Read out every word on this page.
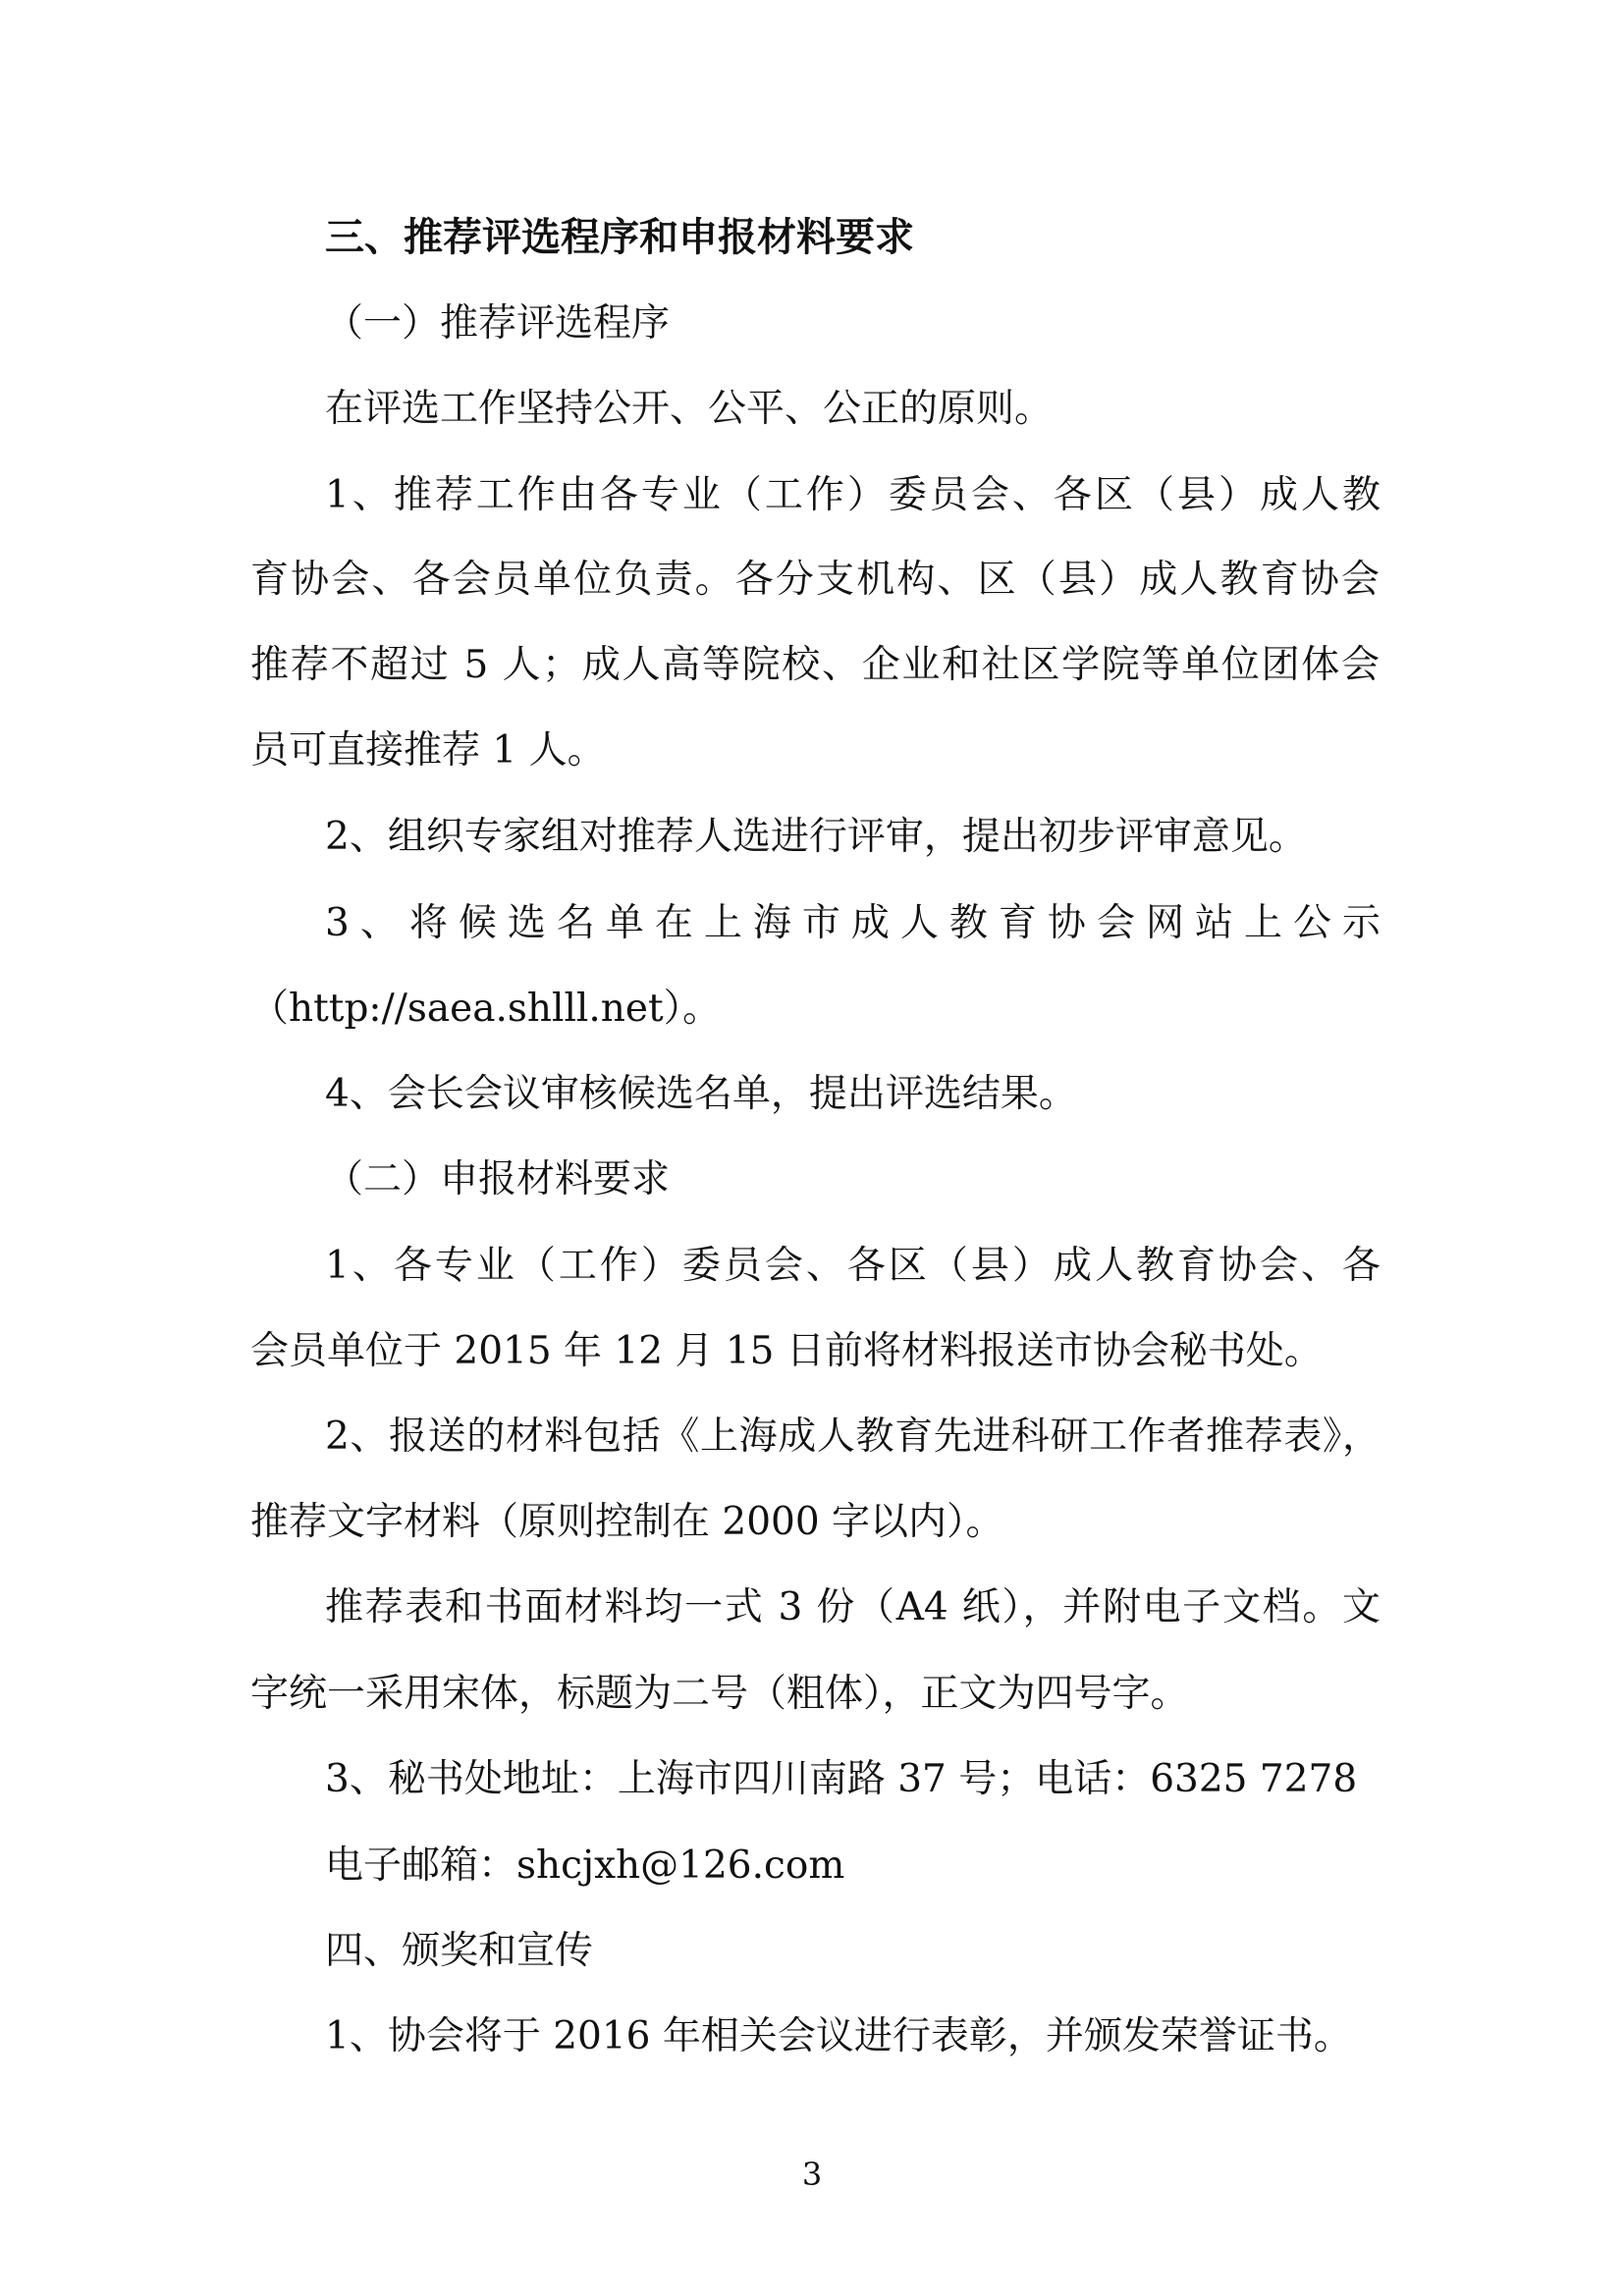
三、推荐评选程序和申报材料要求
（一）推荐评选程序
在评选工作坚持公开、公平、公正的原则。
1、推荐工作由各专业（工作）委员会、各区（县）成人教
育协会、各会员单位负责。各分支机构、区（县）成人教育协会
推荐不超过 5 人；成人高等院校、企业和社区学院等单位团体会
员可直接推荐 1 人。
2、组织专家组对推荐人选进行评审，提出初步评审意见。
3、将候选名单在上海市成人教育协会网站上公示
（http://saea.shlll.net）。
4、会长会议审核候选名单，提出评选结果。
（二）申报材料要求
1、各专业（工作）委员会、各区（县）成人教育协会、各
会员单位于 2015 年 12 月 15 日前将材料报送市协会秘书处。
2、报送的材料包括《上海成人教育先进科研工作者推荐表》，
推荐文字材料（原则控制在 2000 字以内）。
推荐表和书面材料均一式 3 份（A4 纸），并附电子文档。文
字统一采用宋体，标题为二号（粗体），正文为四号字。
3、秘书处地址：上海市四川南路 37 号；电话：6325 7278
电子邮箱：shcjxh@126.com
四、颁奖和宣传
1、协会将于 2016 年相关会议进行表彰，并颁发荣誉证书。
3
